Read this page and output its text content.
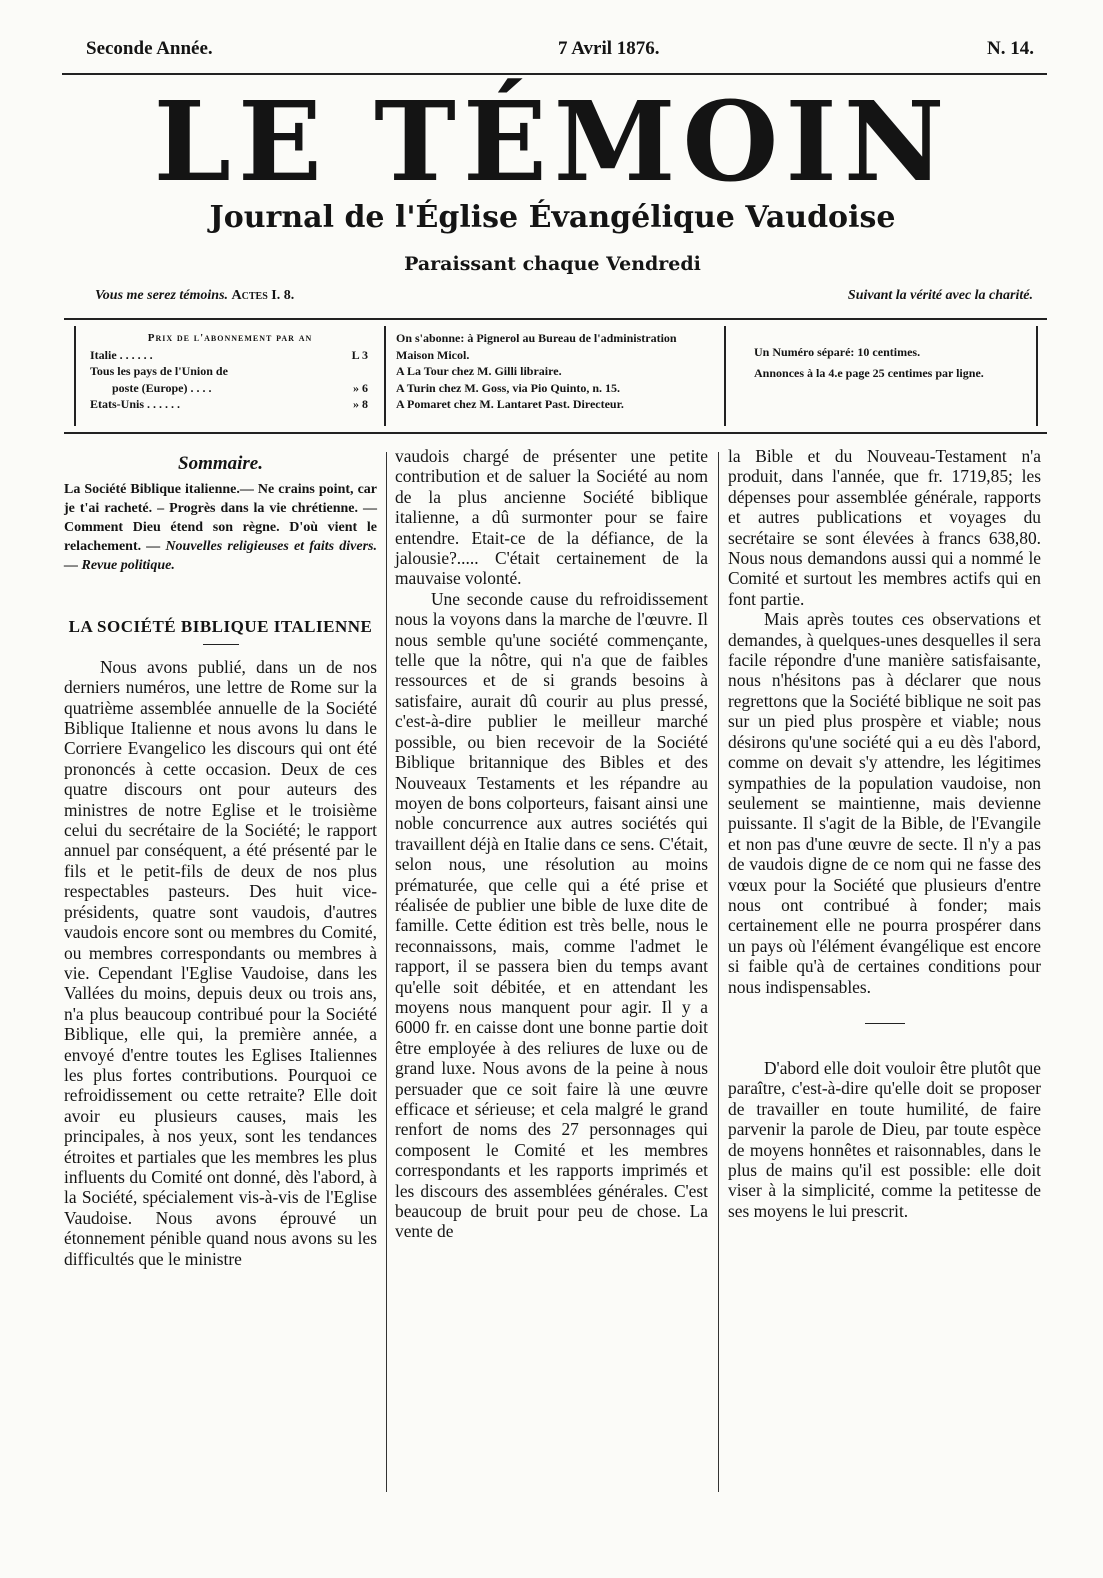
Seconde Année.	7 Avril 1876.	N. 14.
LE TÉMOIN
Journal de l'Église Évangélique Vaudoise
Paraissant chaque Vendredi
Vous me serez témoins. Actes I. 8.	Suivant la vérité avec la charité.
Prix de l'abonnement par an
Italie . . . . . .	L 3
Tous les pays de l'Union de
poste (Europe) . . . .	» 6
Etats-Unis . . . . . .	» 8
On s'abonne: à Pignerol au Bureau de l'administration Maison Micol.
A La Tour chez M. Gilli libraire.
A Turin chez M. Goss, via Pio Quinto, n. 15.
A Pomaret chez M. Lantaret Past. Directeur.
Un Numéro séparé: 10 centimes.
Annonces à la 4.e page 25 centimes par ligne.
Sommaire.
La Société Biblique italienne.— Ne crains point, car je t'ai racheté. – Progrès dans la vie chrétienne. — Comment Dieu étend son règne. D'où vient le relachement. — Nouvelles religieuses et faits divers. — Revue politique.
LA SOCIÉTÉ BIBLIQUE ITALIENNE

Nous avons publié, dans un de nos derniers numéros, une lettre de Rome sur la quatrième assemblée annuelle de la Société Biblique Italienne et nous avons lu dans le Corriere Evangelico les discours qui ont été prononcés à cette occasion. Deux de ces quatre discours ont pour auteurs des ministres de notre Eglise et le troisième celui du secrétaire de la Société; le rapport annuel par conséquent, a été présenté par le fils et le petit-fils de deux de nos plus respectables pasteurs. Des huit vice-présidents, quatre sont vaudois, d'autres vaudois encore sont ou membres du Comité, ou membres correspondants ou membres à vie. Cependant l'Eglise Vaudoise, dans les Vallées du moins, depuis deux ou trois ans, n'a plus beaucoup contribué pour la Société Biblique, elle qui, la première année, a envoyé d'entre toutes les Eglises Italiennes les plus fortes contributions. Pourquoi ce refroidissement ou cette retraite? Elle doit avoir eu plusieurs causes, mais les principales, à nos yeux, sont les tendances étroites et partiales que les membres les plus influents du Comité ont donné, dès l'abord, à la Société, spécialement vis-à-vis de l'Eglise Vaudoise. Nous avons éprouvé un étonnement pénible quand nous avons su les difficultés que le ministre

vaudois chargé de présenter une petite contribution et de saluer la Société au nom de la plus ancienne Société biblique italienne, a dû surmonter pour se faire entendre. Etait-ce de la défiance, de la jalousie?..... C'était certainement de la mauvaise volonté.

Une seconde cause du refroidissement nous la voyons dans la marche de l'œuvre. Il nous semble qu'une société commençante, telle que la nôtre, qui n'a que de faibles ressources et de si grands besoins à satisfaire, aurait dû courir au plus pressé, c'est-à-dire publier le meilleur marché possible, ou bien recevoir de la Société Biblique britannique des Bibles et des Nouveaux Testaments et les répandre au moyen de bons colporteurs, faisant ainsi une noble concurrence aux autres sociétés qui travaillent déjà en Italie dans ce sens. C'était, selon nous, une résolution au moins prématurée, que celle qui a été prise et réalisée de publier une bible de luxe dite de famille. Cette édition est très belle, nous le reconnaissons, mais, comme l'admet le rapport, il se passera bien du temps avant qu'elle soit débitée, et en attendant les moyens nous manquent pour agir. Il y a 6000 fr. en caisse dont une bonne partie doit être employée à des reliures de luxe ou de grand luxe. Nous avons de la peine à nous persuader que ce soit faire là une œuvre efficace et sérieuse; et cela malgré le grand renfort de noms des 27 personnages qui composent le Comité et les membres correspondants et les rapports imprimés et les discours des assemblées générales. C'est beaucoup de bruit pour peu de chose. La vente de

la Bible et du Nouveau-Testament n'a produit, dans l'année, que fr. 1719,85; les dépenses pour assemblée générale, rapports et autres publications et voyages du secrétaire se sont élevées à francs 638,80. Nous nous demandons aussi qui a nommé le Comité et surtout les membres actifs qui en font partie.

Mais après toutes ces observations et demandes, à quelques-unes desquelles il sera facile répondre d'une manière satisfaisante, nous n'hésitons pas à déclarer que nous regrettons que la Société biblique ne soit pas sur un pied plus prospère et viable; nous désirons qu'une société qui a eu dès l'abord, comme on devait s'y attendre, les légitimes sympathies de la population vaudoise, non seulement se maintienne, mais devienne puissante. Il s'agit de la Bible, de l'Evangile et non pas d'une œuvre de secte. Il n'y a pas de vaudois digne de ce nom qui ne fasse des vœux pour la Société que plusieurs d'entre nous ont contribué à fonder; mais certainement elle ne pourra prospérer dans un pays où l'élément évangélique est encore si faible qu'à de certaines conditions pour nous indispensables.

D'abord elle doit vouloir être plutôt que paraître, c'est-à-dire qu'elle doit se proposer de travailler en toute humilité, de faire parvenir la parole de Dieu, par toute espèce de moyens honnêtes et raisonnables, dans le plus de mains qu'il est possible: elle doit viser à la simplicité, comme la petitesse de ses moyens le lui prescrit.
